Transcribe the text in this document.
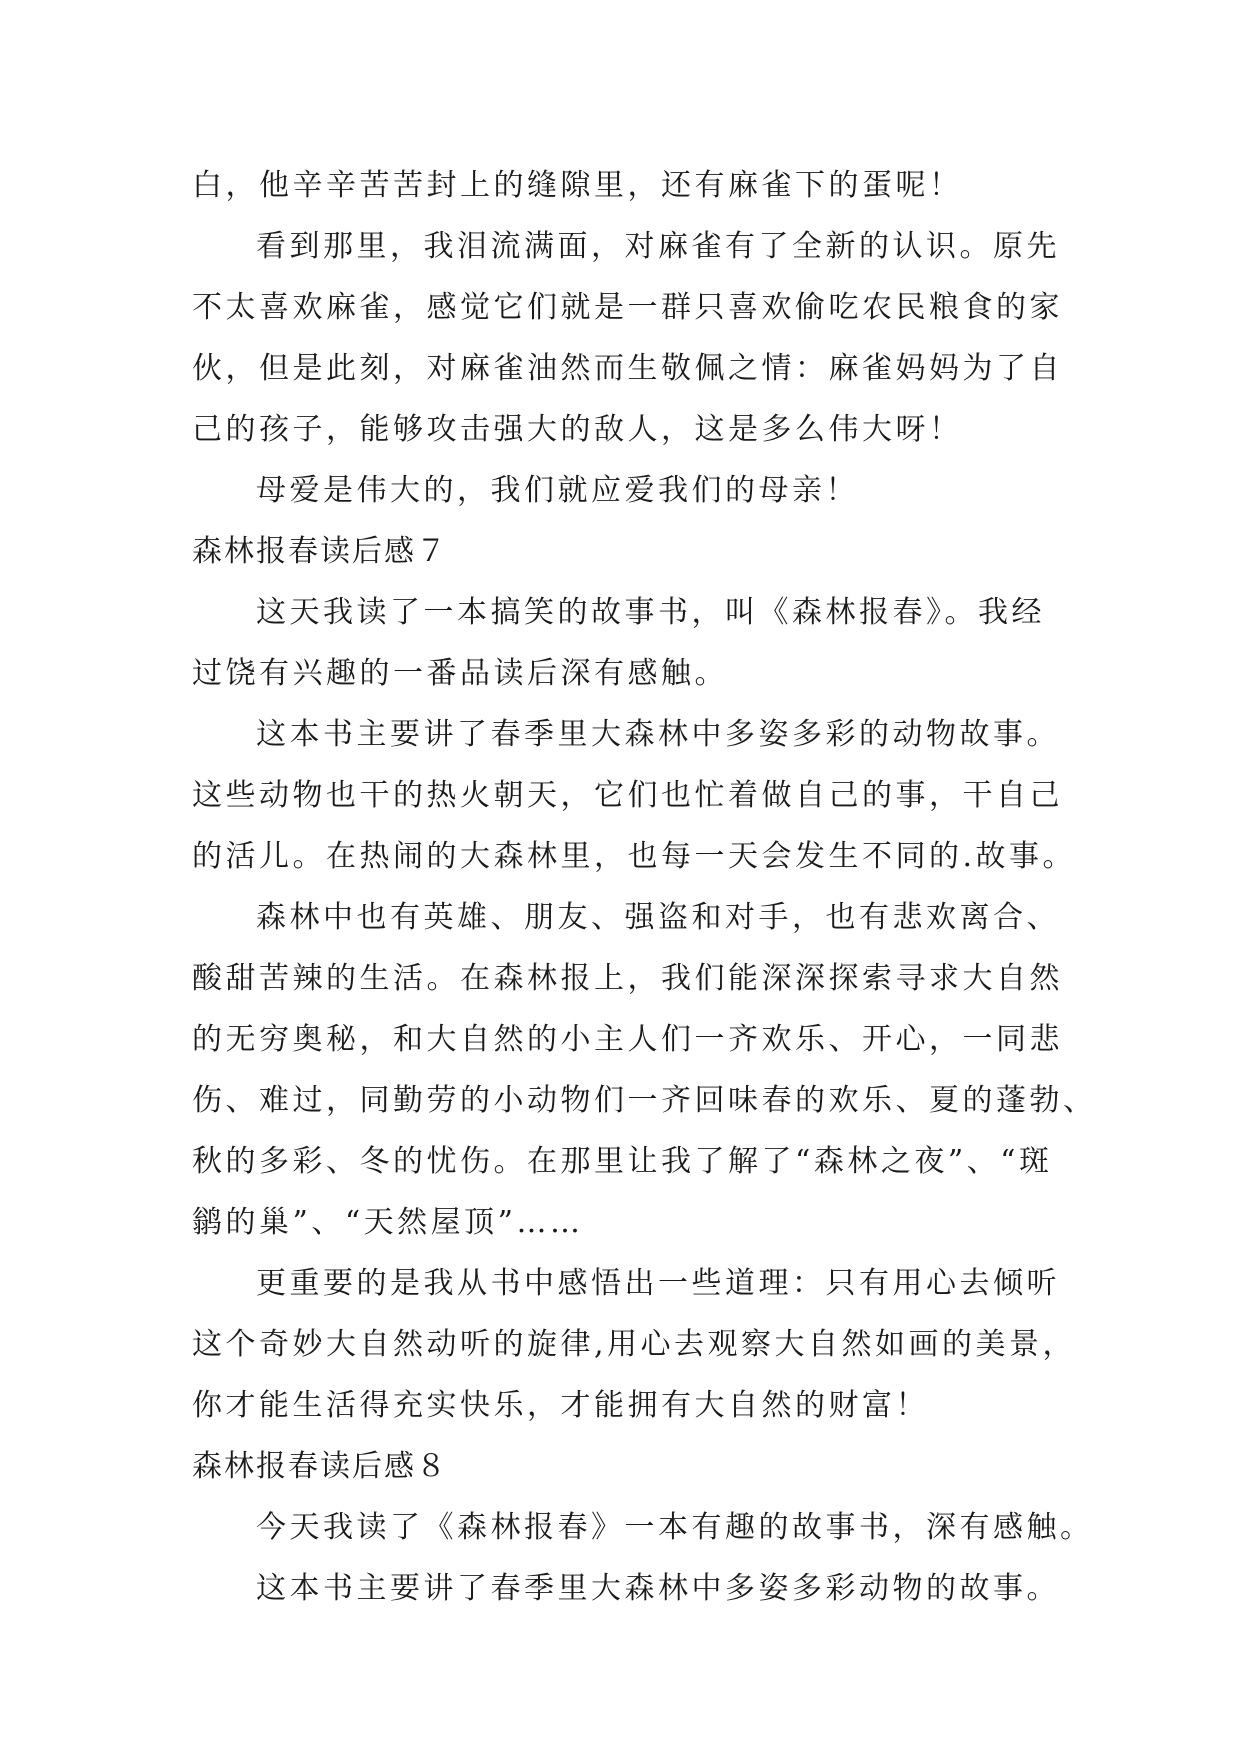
白，他辛辛苦苦封上的缝隙里，还有麻雀下的蛋呢！
看到那里，我泪流满面，对麻雀有了全新的认识。原先
不太喜欢麻雀，感觉它们就是一群只喜欢偷吃农民粮食的家
伙，但是此刻，对麻雀油然而生敬佩之情：麻雀妈妈为了自
己的孩子，能够攻击强大的敌人，这是多么伟大呀！
母爱是伟大的，我们就应爱我们的母亲！
森林报春读后感７
这天我读了一本搞笑的故事书，叫《森林报春》。我经
过饶有兴趣的一番品读后深有感触。
这本书主要讲了春季里大森林中多姿多彩的动物故事。
这些动物也干的热火朝天，它们也忙着做自己的事，干自己
的活儿。在热闹的大森林里，也每一天会发生不同的.故事。
森林中也有英雄、朋友、强盗和对手，也有悲欢离合、
酸甜苦辣的生活。在森林报上，我们能深深探索寻求大自然
的无穷奥秘，和大自然的小主人们一齐欢乐、开心，一同悲
伤、难过，同勤劳的小动物们一齐回味春的欢乐、夏的蓬勃、
秋的多彩、冬的忧伤。在那里让我了解了“森林之夜”、“斑
鹟的巢”、“天然屋顶”……
更重要的是我从书中感悟出一些道理：只有用心去倾听
这个奇妙大自然动听的旋律,用心去观察大自然如画的美景，
你才能生活得充实快乐，才能拥有大自然的财富！
森林报春读后感８
今天我读了《森林报春》一本有趣的故事书，深有感触。
这本书主要讲了春季里大森林中多姿多彩动物的故事。
